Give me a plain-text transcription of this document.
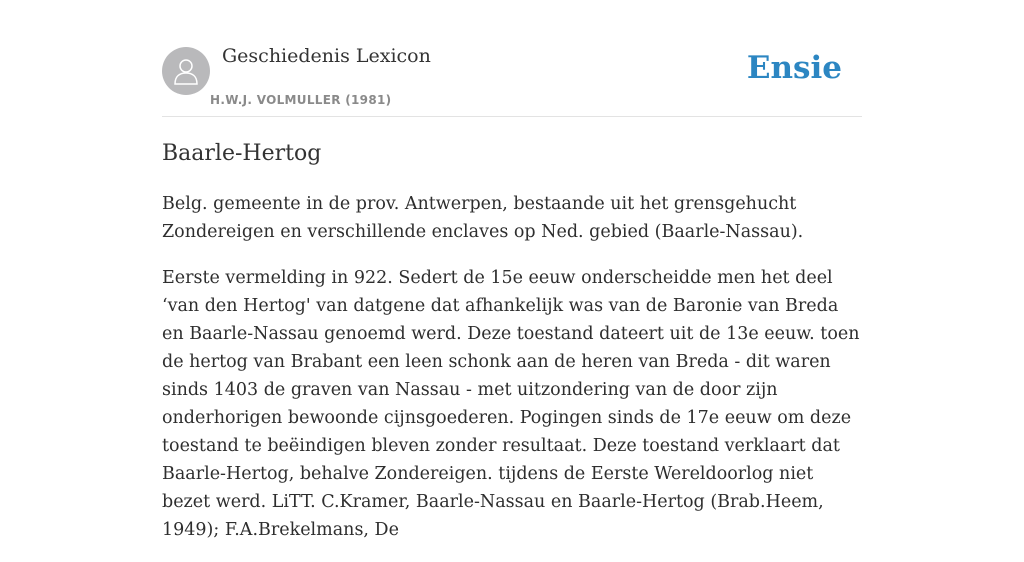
Geschiedenis Lexicon
H.W.J. VOLMULLER (1981)
Ensie
Baarle-Hertog

Belg. gemeente in de prov. Antwerpen, bestaande uit het grensgehucht Zondereigen en verschillende enclaves op Ned. gebied (Baarle-Nassau).

Eerste vermelding in 922. Sedert de 15e eeuw onderscheidde men het deel ‘van den Hertog' van datgene dat afhankelijk was van de Baronie van Breda en Baarle-Nassau genoemd werd. Deze toestand dateert uit de 13e eeuw. toen de hertog van Brabant een leen schonk aan de heren van Breda - dit waren sinds 1403 de graven van Nassau - met uitzondering van de door zijn onderhorigen bewoonde cijnsgoederen. Pogingen sinds de 17e eeuw om deze toestand te beëindigen bleven zonder resultaat. Deze toestand verklaart dat Baarle-Hertog, behalve Zondereigen. tijdens de Eerste Wereldoorlog niet bezet werd. LiTT. C.Kramer, Baarle-Nassau en Baarle-Hertog (Brab.Heem, 1949); F.A.Brekelmans, De
